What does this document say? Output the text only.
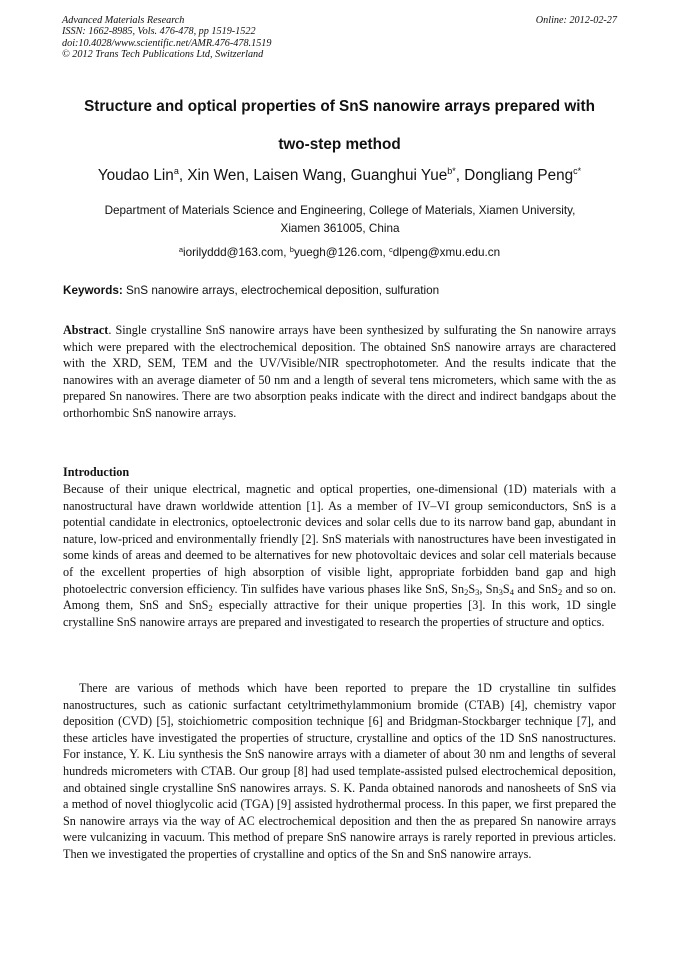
Advanced Materials Research
ISSN: 1662-8985, Vols. 476-478, pp 1519-1522
doi:10.4028/www.scientific.net/AMR.476-478.1519
© 2012 Trans Tech Publications Ltd, Switzerland
Online: 2012-02-27
Structure and optical properties of SnS nanowire arrays prepared with
two-step method
Youdao Lin$^a$, Xin Wen, Laisen Wang, Guanghui Yue$^{b*}$, Dongliang Peng$^{c*}$
Department of Materials Science and Engineering, College of Materials, Xiamen University,
Xiamen 361005, China
$^a$iorilyddd@163.com, $^b$yuegh@126.com, $^c$dlpeng@xmu.edu.cn
Keywords: SnS nanowire arrays, electrochemical deposition, sulfuration
Abstract. Single crystalline SnS nanowire arrays have been synthesized by sulfurating the Sn nanowire arrays which were prepared with the electrochemical deposition. The obtained SnS nanowire arrays are charactered with the XRD, SEM, TEM and the UV/Visible/NIR spectrophotometer. And the results indicate that the nanowires with an average diameter of 50 nm and a length of several tens micrometers, which same with the as prepared Sn nanowires. There are two absorption peaks indicate with the direct and indirect bandgaps about the orthorhombic SnS nanowire arrays.
Introduction
Because of their unique electrical, magnetic and optical properties, one-dimensional (1D) materials with a nanostructural have drawn worldwide attention [1]. As a member of IV–VI group semiconductors, SnS is a potential candidate in electronics, optoelectronic devices and solar cells due to its narrow band gap, abundant in nature, low-priced and environmentally friendly [2]. SnS materials with nanostructures have been investigated in some kinds of areas and deemed to be alternatives for new photovoltaic devices and solar cell materials because of the excellent properties of high absorption of visible light, appropriate forbidden band gap and high photoelectric conversion efficiency. Tin sulfides have various phases like SnS, $Sn_2S_3$, $Sn_3S_4$ and SnS$_2$ and so on. Among them, SnS and SnS$_2$ especially attractive for their unique properties [3]. In this work, 1D single crystalline SnS nanowire arrays are prepared and investigated to research the properties of structure and optics.
There are various of methods which have been reported to prepare the 1D crystalline tin sulfides nanostructures, such as cationic surfactant cetyltrimethylammonium bromide (CTAB) [4], chemistry vapor deposition (CVD) [5], stoichiometric composition technique [6] and Bridgman-Stockbarger technique [7], and these articles have investigated the properties of structure, crystalline and optics of the 1D SnS nanostructures. For instance, Y. K. Liu synthesis the SnS nanowire arrays with a diameter of about 30 nm and lengths of several hundreds micrometers with CTAB. Our group [8] had used template-assisted pulsed electrochemical deposition, and obtained single crystalline SnS nanowires arrays. S. K. Panda obtained nanorods and nanosheets of SnS via a method of novel thioglycolic acid (TGA) [9] assisted hydrothermal process. In this paper, we first prepared the Sn nanowire arrays via the way of AC electrochemical deposition and then the as prepared Sn nanowire arrays were vulcanizing in vacuum. This method of prepare SnS nanowire arrays is rarely reported in previous articles. Then we investigated the properties of crystalline and optics of the Sn and SnS nanowire arrays.
